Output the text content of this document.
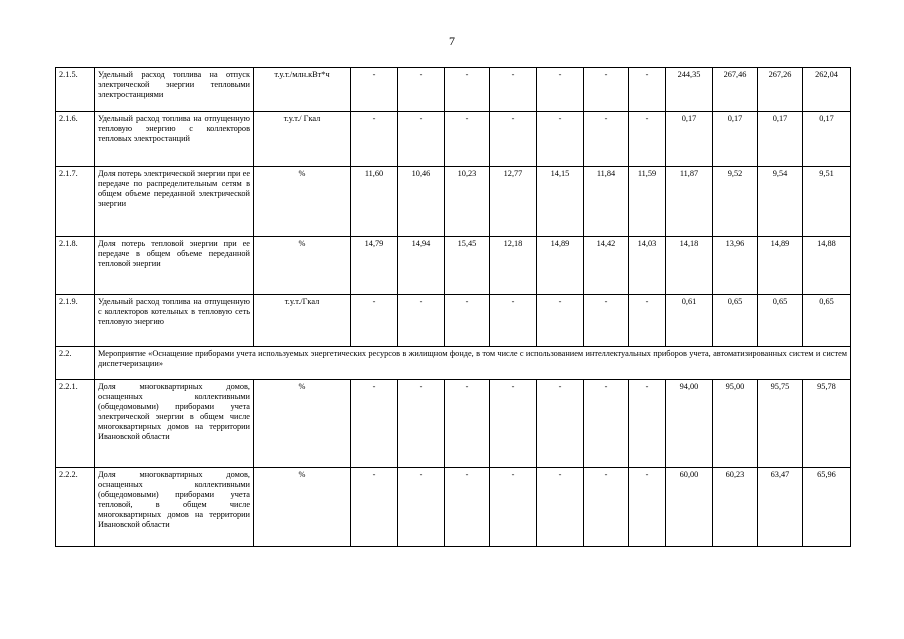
7
2.1.5.	Удельный расход топлива на отпуск электрической энергии тепловыми электростанциями	т.у.т./млн.кВт*ч	-	-	-	-	-	-	-	244,35	267,46	267,26	262,04
2.1.6.	Удельный расход топлива на отпущенную тепловую энергию с коллекторов тепловых электростанций	т.у.т./ Гкал	-	-	-	-	-	-	-	0,17	0,17	0,17	0,17
2.1.7.	Доля потерь электрической энергии при ее передаче по распределительным сетям в общем объеме переданной электрической энергии	%	11,60	10,46	10,23	12,77	14,15	11,84	11,59	11,87	9,52	9,54	9,51
2.1.8.	Доля потерь тепловой энергии при ее передаче в общем объеме переданной тепловой энергии	%	14,79	14,94	15,45	12,18	14,89	14,42	14,03	14,18	13,96	14,89	14,88
2.1.9.	Удельный расход топлива на отпущенную с коллекторов котельных в тепловую сеть тепловую энергию	т.у.т./Гкал	-	-	-	-	-	-	-	0,61	0,65	0,65	0,65
2.2.	Мероприятие «Оснащение приборами учета используемых энергетических ресурсов в жилищном фонде, в том числе с использованием интеллектуальных приборов учета, автоматизированных систем и систем диспетчеризации»												
2.2.1.	Доля многоквартирных домов, оснащенных коллективными (общедомовыми) приборами учета электрической энергии в общем числе многоквартирных домов на территории Ивановской области	%	-	-	-	-	-	-	-	94,00	95,00	95,75	95,78
2.2.2.	Доля многоквартирных домов, оснащенных коллективными (общедомовыми) приборами учета тепловой, в общем числе многоквартирных домов на территории Ивановской области	%	-	-	-	-	-	-	-	60,00	60,23	63,47	65,96
